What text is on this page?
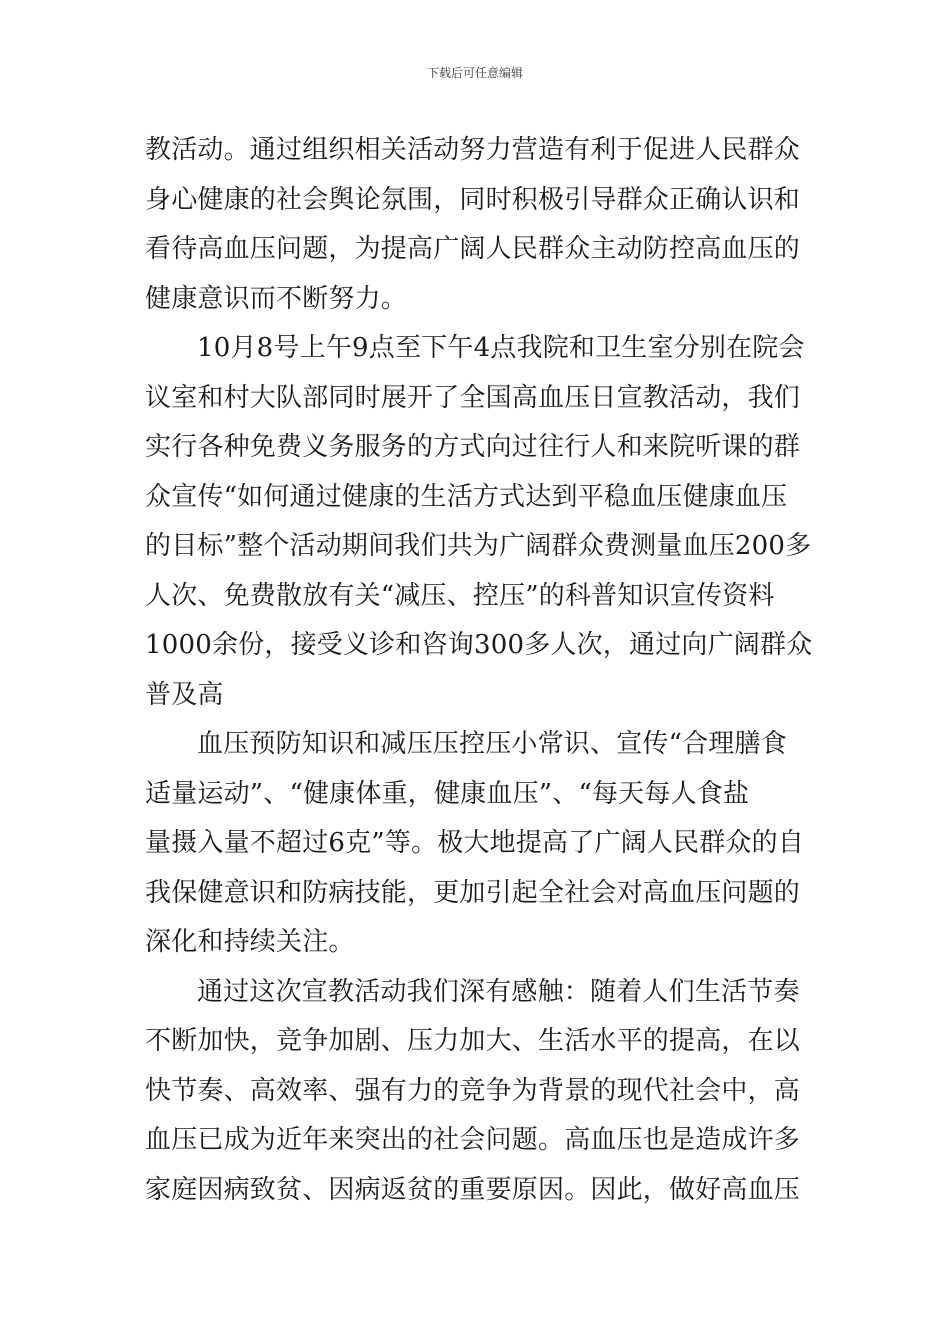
下载后可任意编辑
教活动。通过组织相关活动努力营造有利于促进人民群众
身心健康的社会舆论氛围，同时积极引导群众正确认识和
看待高血压问题，为提高广阔人民群众主动防控高血压的
健康意识而不断努力。
10月8号上午9点至下午4点我院和卫生室分别在院会
议室和村大队部同时展开了全国高血压日宣教活动，我们
实行各种免费义务服务的方式向过往行人和来院听课的群
众宣传“如何通过健康的生活方式达到平稳血压健康血压
的目标”整个活动期间我们共为广阔群众费测量血压200多
人次、免费散放有关“减压、控压”的科普知识宣传资料
1000余份，接受义诊和咨询300多人次，通过向广阔群众
普及高
血压预防知识和减压压控压小常识、宣传“合理膳食
适量运动”、“健康体重，健康血压”、“每天每人食盐
量摄入量不超过6克”等。极大地提高了广阔人民群众的自
我保健意识和防病技能，更加引起全社会对高血压问题的
深化和持续关注。
通过这次宣教活动我们深有感触：随着人们生活节奏
不断加快，竞争加剧、压力加大、生活水平的提高，在以
快节奏、高效率、强有力的竞争为背景的现代社会中，高
血压已成为近年来突出的社会问题。高血压也是造成许多
家庭因病致贫、因病返贫的重要原因。因此，做好高血压
